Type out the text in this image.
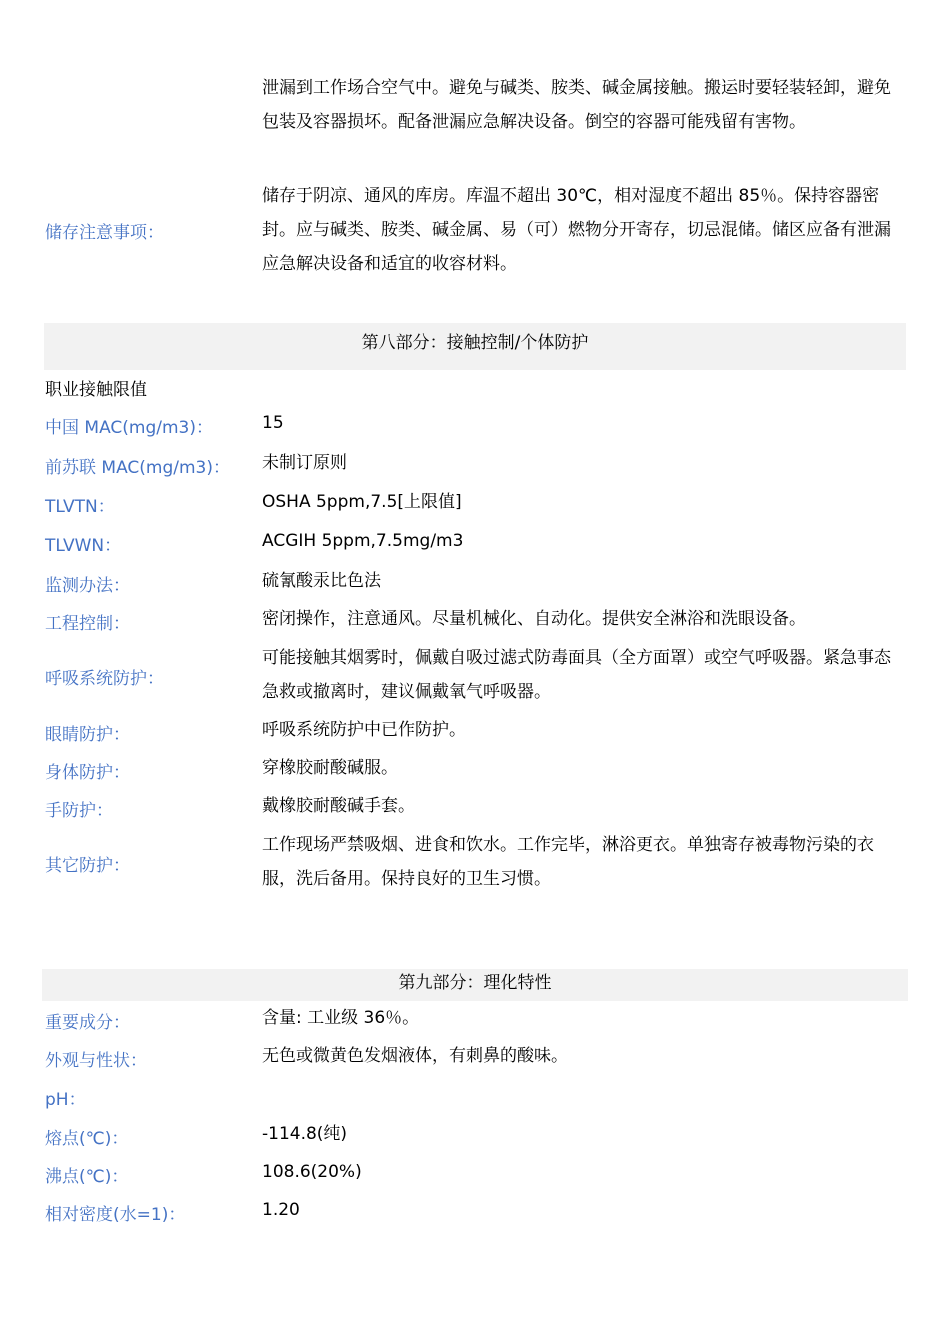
泄漏到工作场合空气中。避免与碱类、胺类、碱金属接触。搬运时要轻装轻卸，避免包装及容器损坏。配备泄漏应急解决设备。倒空的容器可能残留有害物。
储存注意事项：
储存于阴凉、通风的库房。库温不超出 30℃，相对湿度不超出 85％。保持容器密封。应与碱类、胺类、碱金属、易（可）燃物分开寄存，切忌混储。储区应备有泄漏应急解决设备和适宜的收容材料。
第八部分：接触控制/个体防护
职业接触限值
中国 MAC(mg/m3)：	15
前苏联 MAC(mg/m3)： 未制订原则
TLVTN：	OSHA 5ppm,7.5[上限值]
TLVWN：	ACGIH 5ppm,7.5mg/m3
监测办法：	硫氰酸汞比色法
工程控制：	密闭操作，注意通风。尽量机械化、自动化。提供安全淋浴和洗眼设备。
呼吸系统防护：
可能接触其烟雾时，佩戴自吸过滤式防毒面具（全方面罩）或空气呼吸器。紧急事态急救或撤离时，建议佩戴氧气呼吸器。
眼睛防护：	呼吸系统防护中已作防护。
身体防护：	穿橡胶耐酸碱服。
手防护：	戴橡胶耐酸碱手套。
其它防护：
工作现场严禁吸烟、进食和饮水。工作完毕，淋浴更衣。单独寄存被毒物污染的衣服，洗后备用。保持良好的卫生习惯。
第九部分：理化特性
重要成分：	含量: 工业级 36％。
外观与性状：	无色或微黄色发烟液体，有刺鼻的酸味。
pH：
熔点(℃)：	-114.8(纯)
沸点(℃)：	108.6(20%)
相对密度(水=1)：	1.20
